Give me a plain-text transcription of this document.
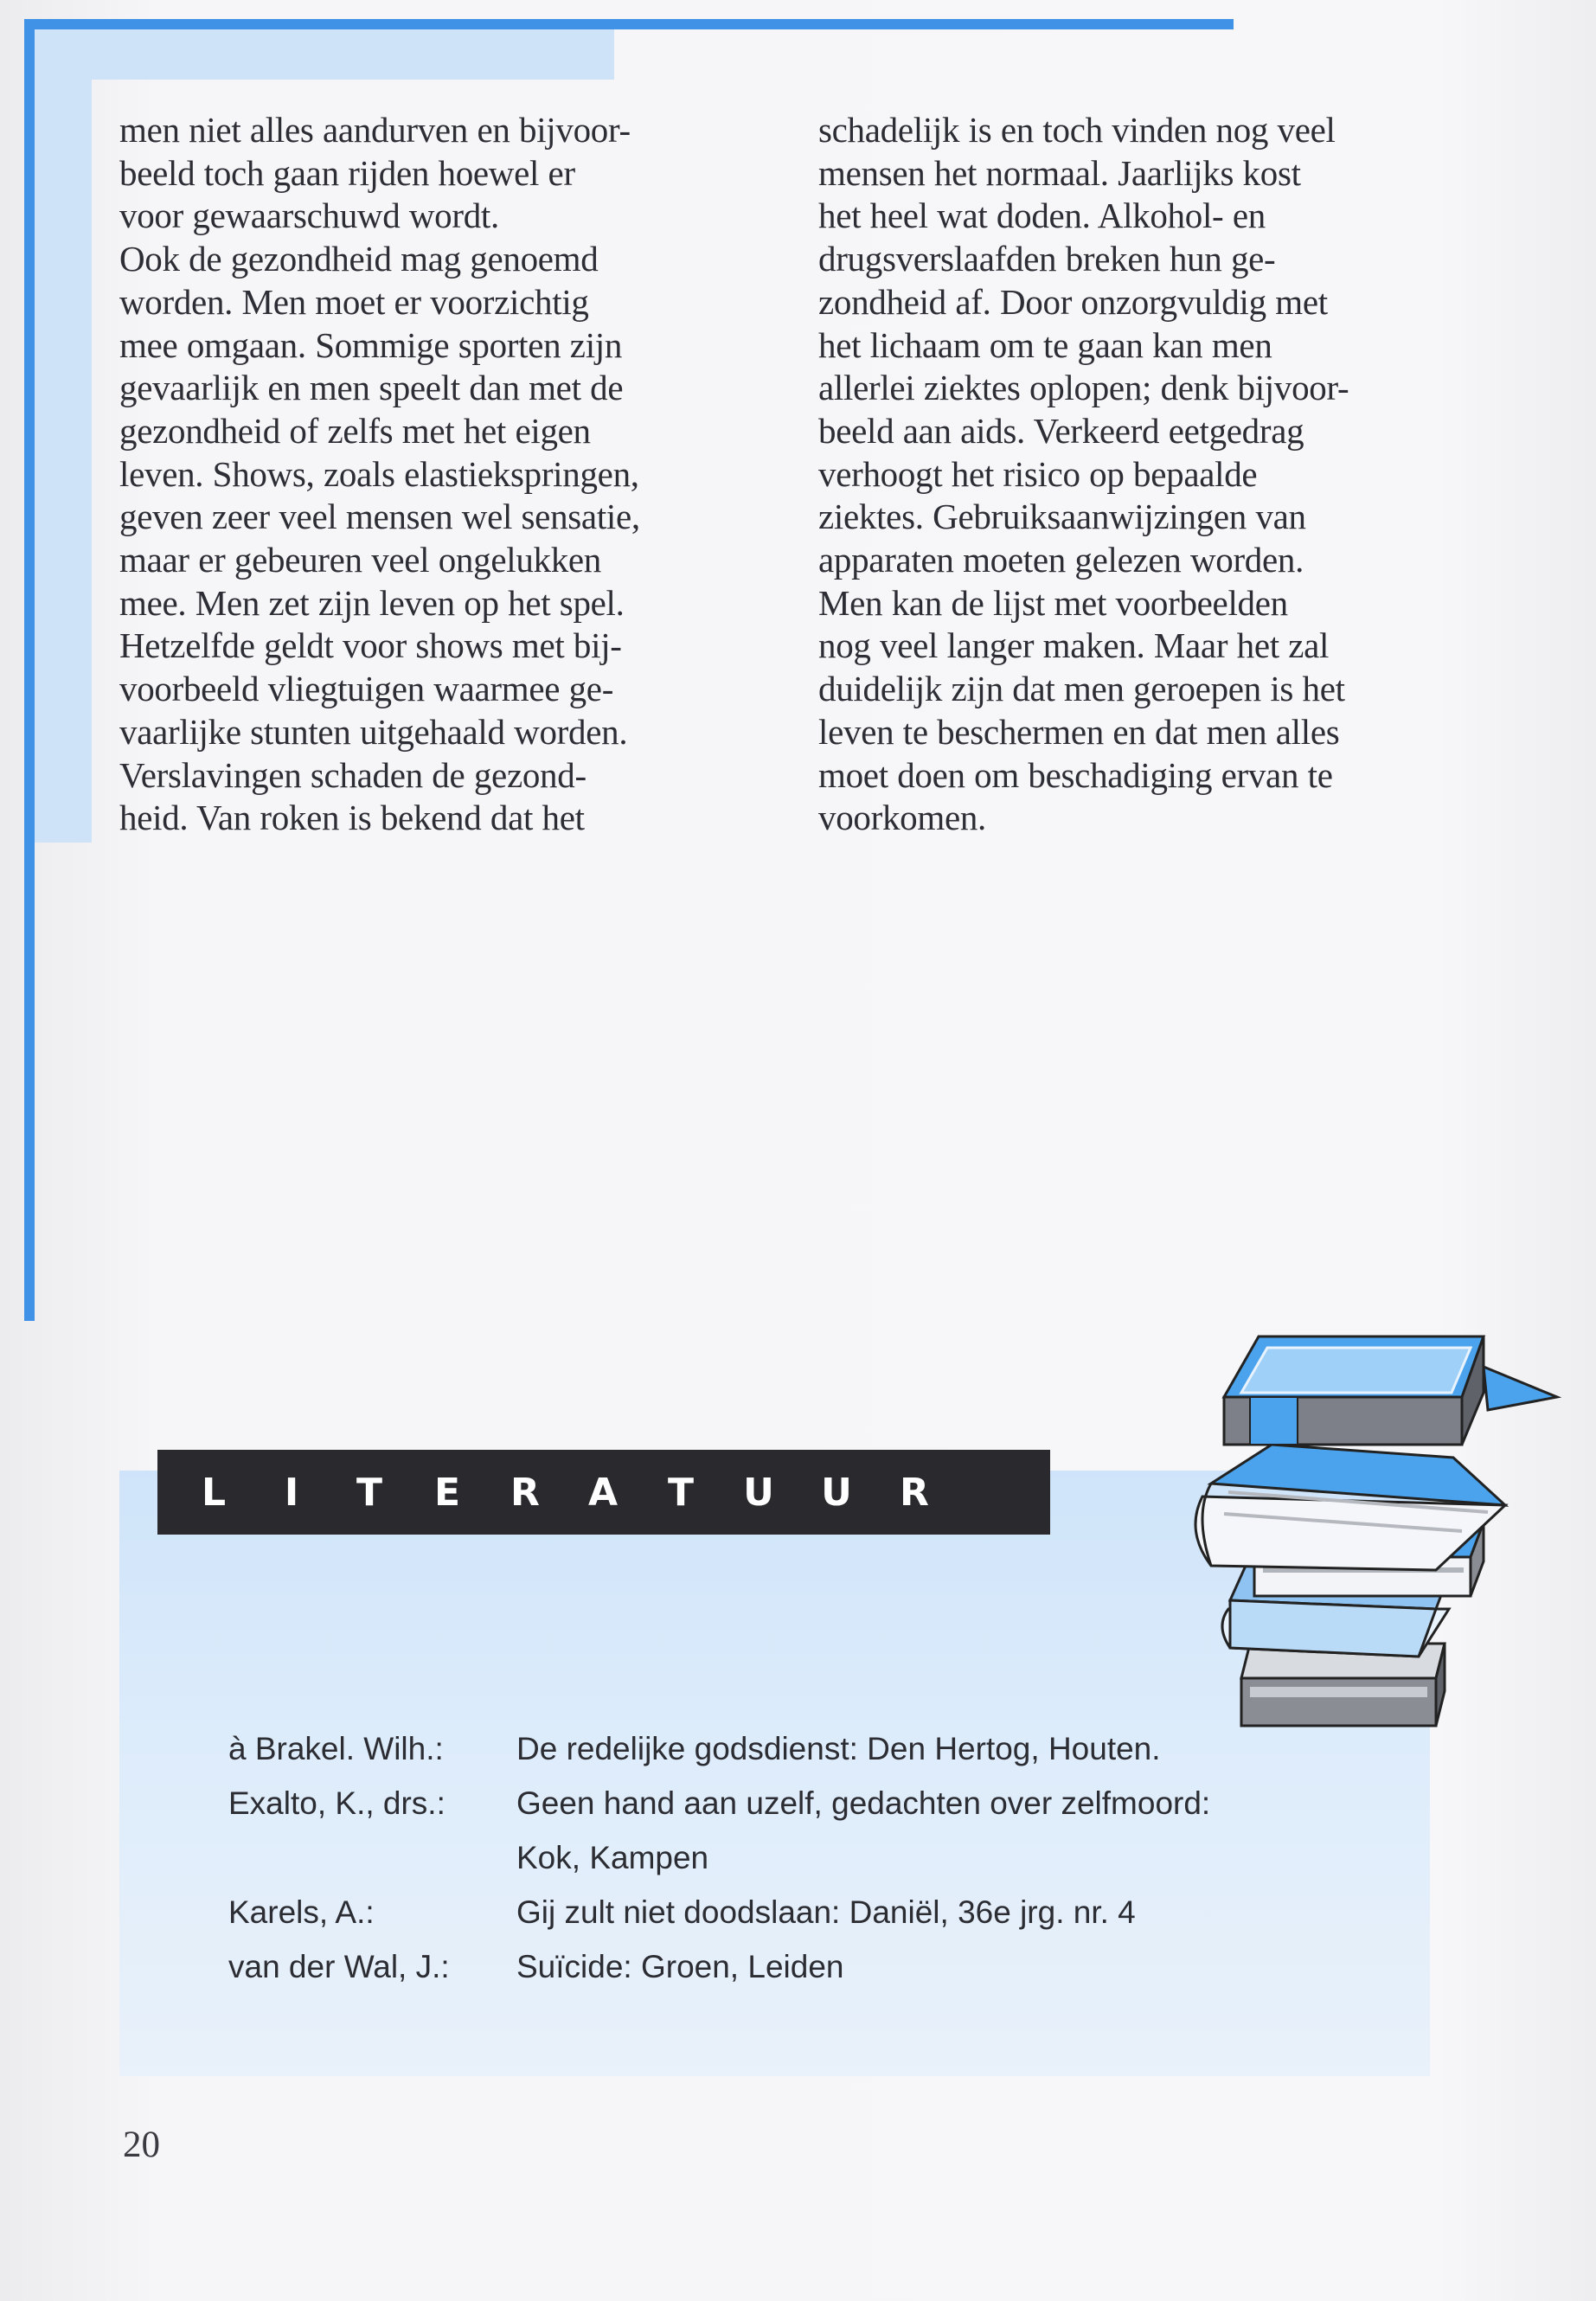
men niet alles aandurven en bijvoor-

beeld toch gaan rijden hoewel er

voor gewaarschuwd wordt.

Ook de gezondheid mag genoemd

worden. Men moet er voorzichtig

mee omgaan. Sommige sporten zijn

gevaarlijk en men speelt dan met de

gezondheid of zelfs met het eigen

leven. Shows, zoals elastiekspringen,

geven zeer veel mensen wel sensatie,

maar er gebeuren veel ongelukken

mee. Men zet zijn leven op het spel.

Hetzelfde geldt voor shows met bij-

voorbeeld vliegtuigen waarmee ge-

vaarlijke stunten uitgehaald worden.

Verslavingen schaden de gezond-

heid. Van roken is bekend dat het

schadelijk is en toch vinden nog veel

mensen het normaal. Jaarlijks kost

het heel wat doden. Alkohol- en

drugsverslaafden breken hun ge-

zondheid af. Door onzorgvuldig met

het lichaam om te gaan kan men

allerlei ziektes oplopen; denk bijvoor-

beeld aan aids. Verkeerd eetgedrag

verhoogt het risico op bepaalde

ziektes. Gebruiksaanwijzingen van

apparaten moeten gelezen worden.

Men kan de lijst met voorbeelden

nog veel langer maken. Maar het zal

duidelijk zijn dat men geroepen is het

leven te beschermen en dat men alles

moet doen om beschadiging ervan te

voorkomen.

L	I	T	E	R	A	T	U	U	R
à Brakel. Wilh.:	De redelijke godsdienst: Den Hertog, Houten.
Exalto, K., drs.:	Geen hand aan uzelf, gedachten over zelfmoord:
Kok, Kampen
Karels, A.:	Gij zult niet doodslaan: Daniël, 36e jrg. nr. 4
van der Wal, J.:	Suïcide: Groen, Leiden
20
